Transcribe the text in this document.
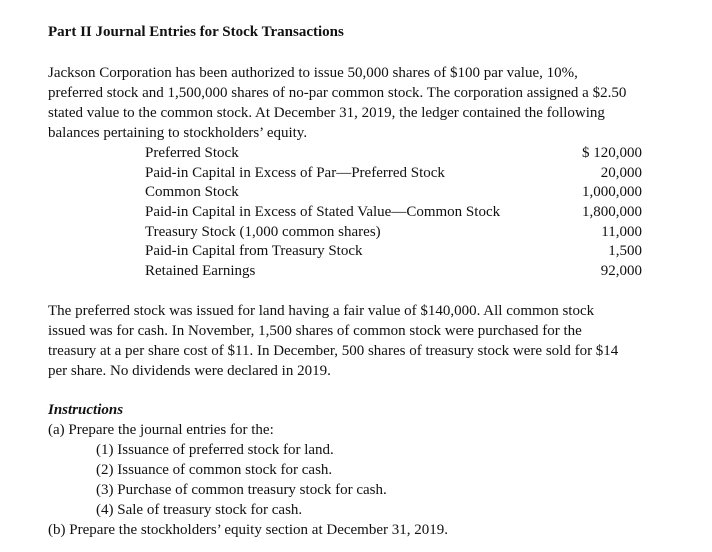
Part II Journal Entries for Stock Transactions
Jackson Corporation has been authorized to issue 50,000 shares of $100 par value, 10%,
preferred stock and 1,500,000 shares of no-par common stock. The corporation assigned a $2.50
stated value to the common stock. At December 31, 2019, the ledger contained the following
balances pertaining to stockholders’ equity.
Preferred Stock	$ 120,000
Paid-in Capital in Excess of Par—Preferred Stock	20,000
Common Stock	1,000,000
Paid-in Capital in Excess of Stated Value—Common Stock	1,800,000
Treasury Stock (1,000 common shares)	11,000
Paid-in Capital from Treasury Stock	1,500
Retained Earnings	92,000
The preferred stock was issued for land having a fair value of $140,000. All common stock
issued was for cash. In November, 1,500 shares of common stock were purchased for the
treasury at a per share cost of $11. In December, 500 shares of treasury stock were sold for $14
per share. No dividends were declared in 2019.
Instructions
(a) Prepare the journal entries for the:
(1) Issuance of preferred stock for land.
(2) Issuance of common stock for cash.
(3) Purchase of common treasury stock for cash.
(4) Sale of treasury stock for cash.
(b) Prepare the stockholders’ equity section at December 31, 2019.
